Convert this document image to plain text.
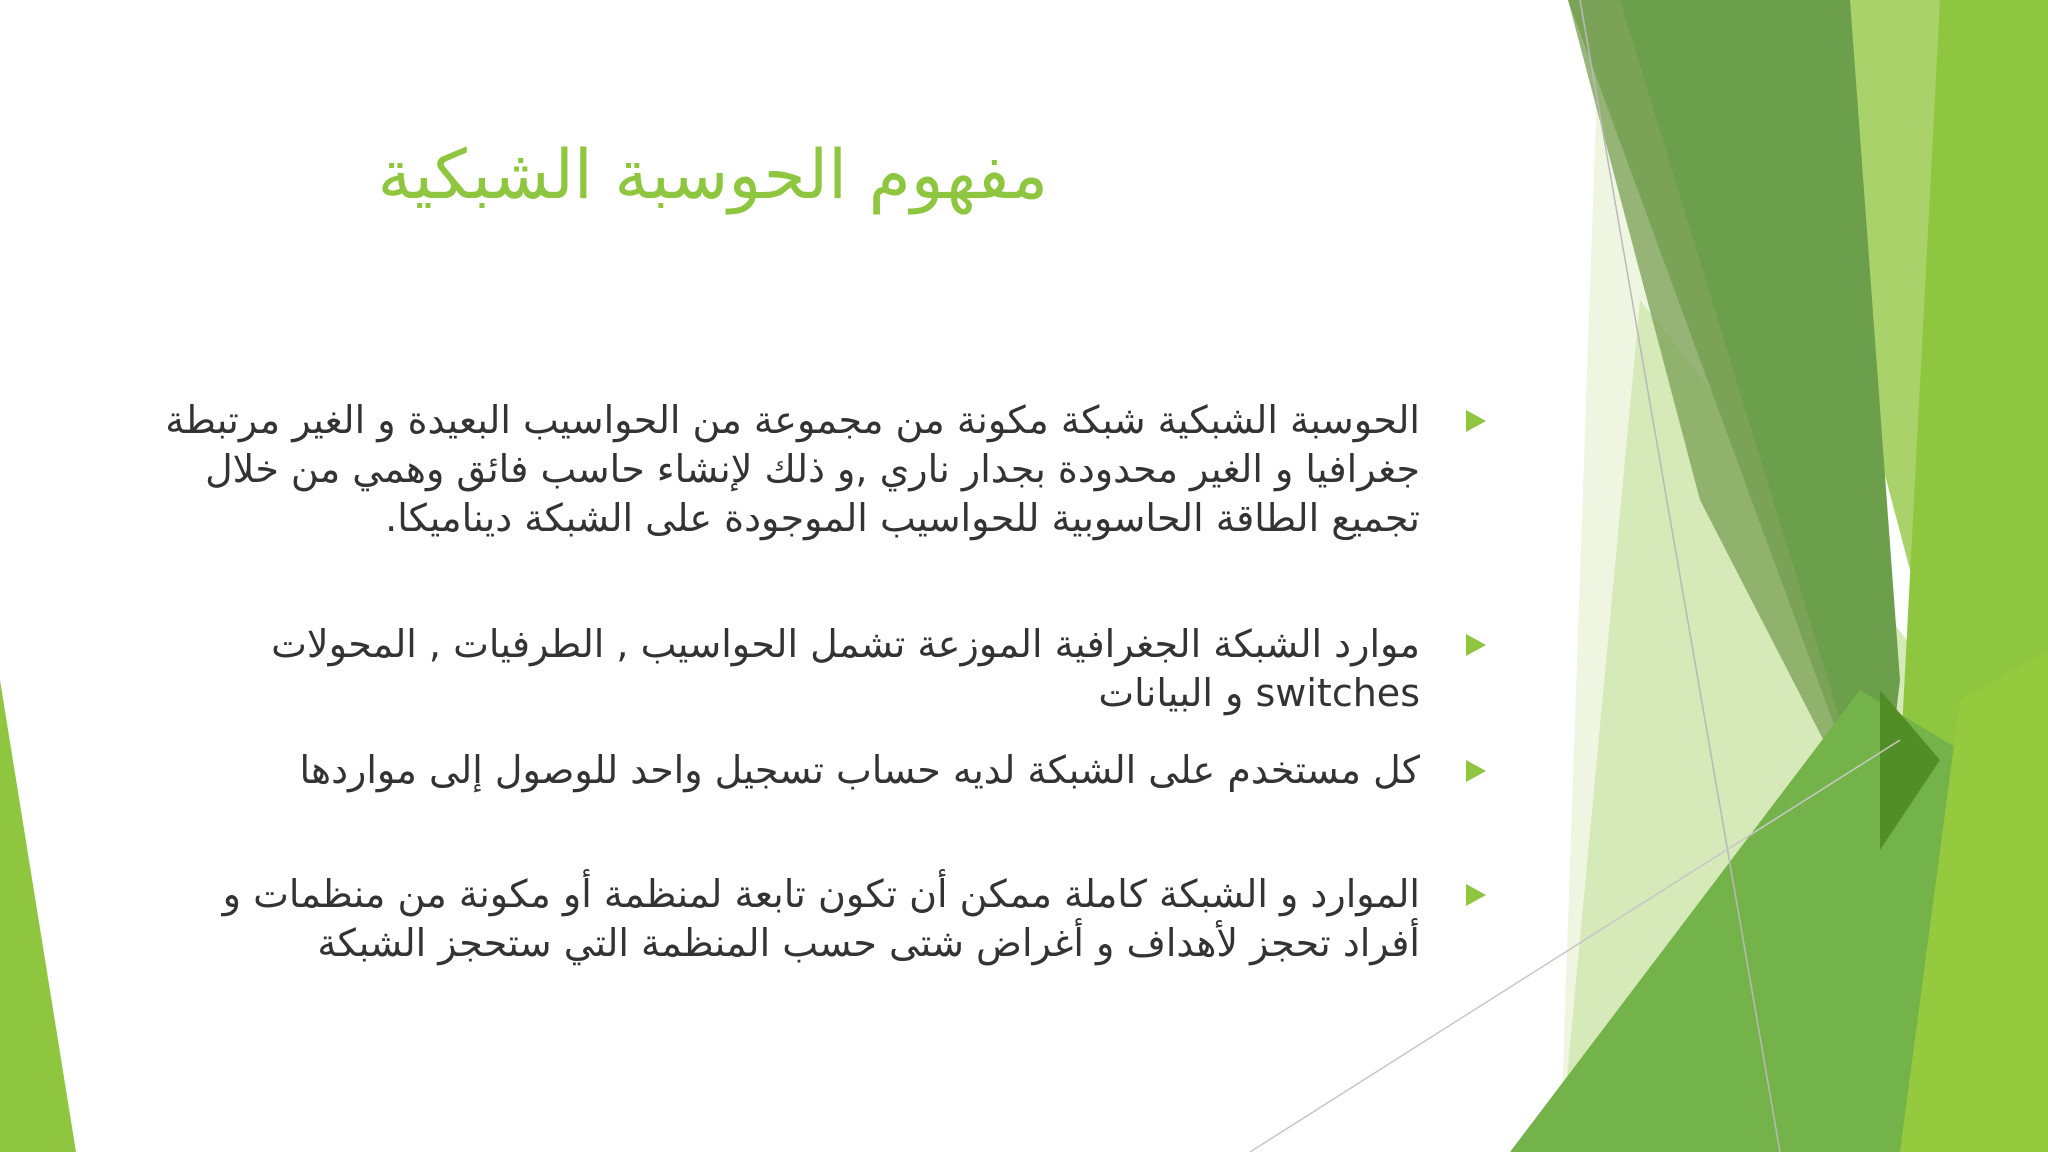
مفهوم الحوسبة الشبكية
الحوسبة الشبكية شبكة مكونة من مجموعة من الحواسيب البعيدة و الغير مرتبطة جغرافيا و الغير محدودة بجدار ناري ,و ذلك لإنشاء حاسب فائق وهمي من خلال تجميع الطاقة الحاسوبية للحواسيب الموجودة على الشبكة ديناميكا.
موارد الشبكة الجغرافية الموزعة تشمل الحواسيب , الطرفيات , المحولات switches و البيانات
كل مستخدم على الشبكة لديه حساب تسجيل واحد للوصول إلى مواردها
الموارد و الشبكة كاملة ممكن أن تكون تابعة لمنظمة أو مكونة من منظمات و أفراد تحجز لأهداف و أغراض شتى حسب المنظمة التي ستحجز الشبكة
